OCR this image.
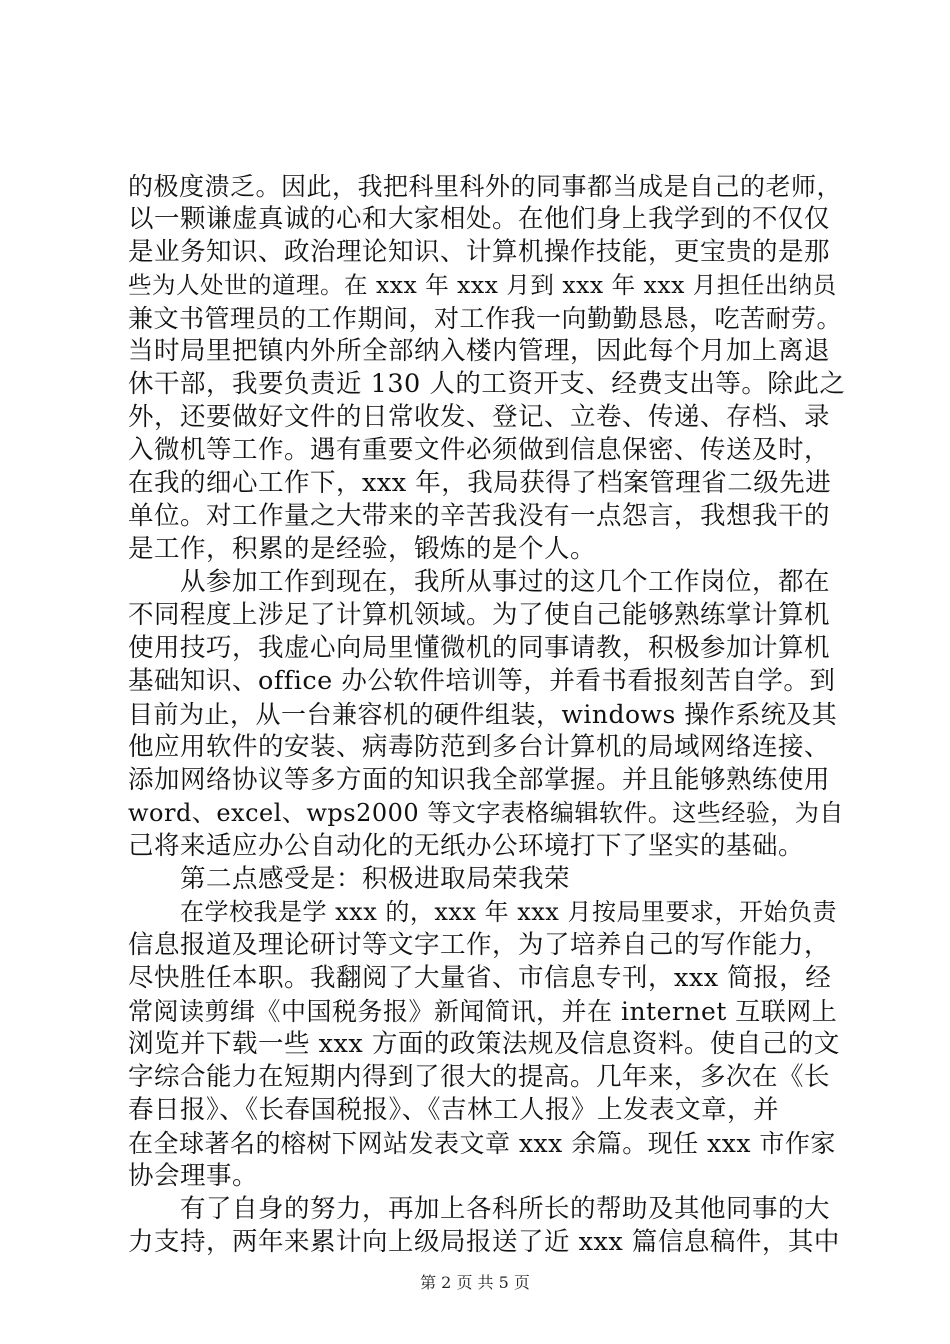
的极度溃乏。因此，我把科里科外的同事都当成是自己的老师，
以一颗谦虚真诚的心和大家相处。在他们身上我学到的不仅仅
是业务知识、政治理论知识、计算机操作技能，更宝贵的是那
些为人处世的道理。在 xxx 年 xxx 月到 xxx 年 xxx 月担任出纳员
兼文书管理员的工作期间，对工作我一向勤勤恳恳，吃苦耐劳。
当时局里把镇内外所全部纳入楼内管理，因此每个月加上离退
休干部，我要负责近 130 人的工资开支、经费支出等。除此之
外，还要做好文件的日常收发、登记、立卷、传递、存档、录
入微机等工作。遇有重要文件必须做到信息保密、传送及时，
在我的细心工作下，xxx 年，我局获得了档案管理省二级先进
单位。对工作量之大带来的辛苦我没有一点怨言，我想我干的
是工作，积累的是经验，锻炼的是个人。
从参加工作到现在，我所从事过的这几个工作岗位，都在
不同程度上涉足了计算机领域。为了使自己能够熟练掌计算机
使用技巧，我虚心向局里懂微机的同事请教，积极参加计算机
基础知识、office 办公软件培训等，并看书看报刻苦自学。到
目前为止，从一台兼容机的硬件组装，windows 操作系统及其
他应用软件的安装、病毒防范到多台计算机的局域网络连接、
添加网络协议等多方面的知识我全部掌握。并且能够熟练使用
word、excel、wps2000 等文字表格编辑软件。这些经验，为自
己将来适应办公自动化的无纸办公环境打下了坚实的基础。
第二点感受是：积极进取局荣我荣
在学校我是学 xxx 的，xxx 年 xxx 月按局里要求，开始负责
信息报道及理论研讨等文字工作，为了培养自己的写作能力，
尽快胜任本职。我翻阅了大量省、市信息专刊，xxx 简报，经
常阅读剪缉《中国税务报》新闻简讯，并在 internet 互联网上
浏览并下载一些 xxx 方面的政策法规及信息资料。使自己的文
字综合能力在短期内得到了很大的提高。几年来，多次在《长
春日报》、《长春国税报》、《吉林工人报》上发表文章，并
在全球著名的榕树下网站发表文章 xxx 余篇。现任 xxx 市作家
协会理事。
有了自身的努力，再加上各科所长的帮助及其他同事的大
力支持，两年来累计向上级局报送了近 xxx 篇信息稿件，其中
第 2 页 共 5 页
